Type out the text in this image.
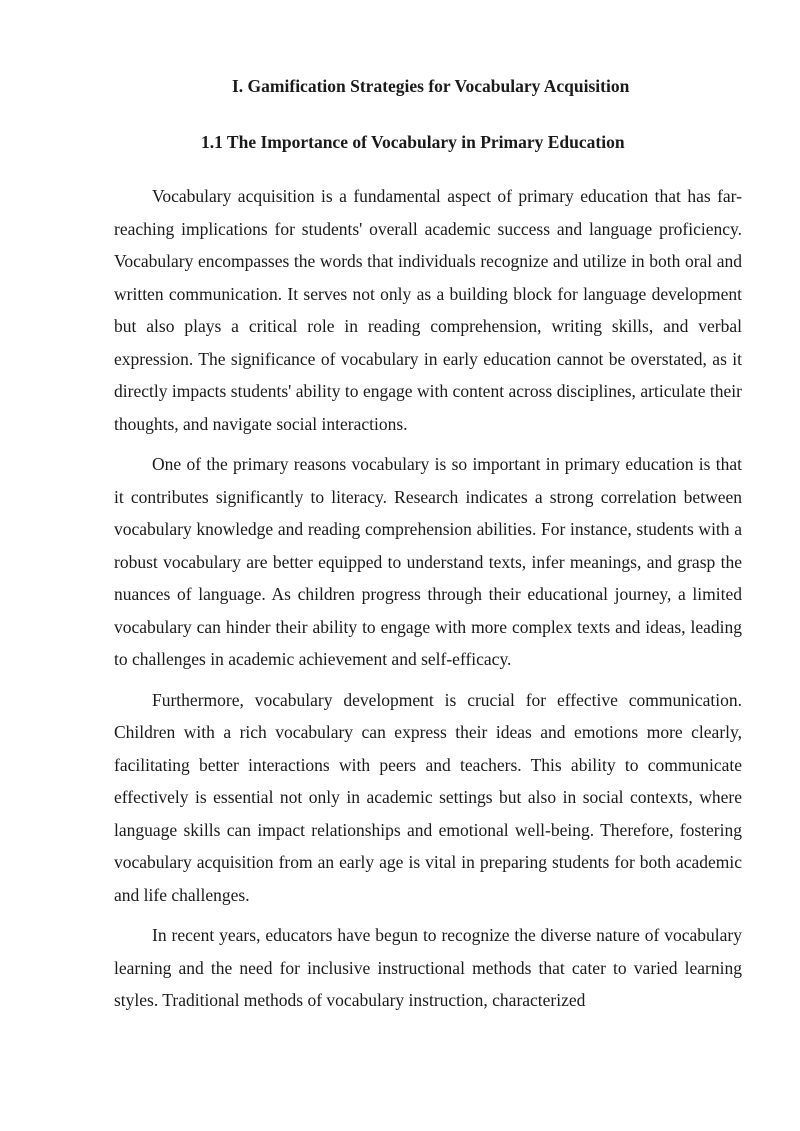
I. Gamification Strategies for Vocabulary Acquisition
1.1 The Importance of Vocabulary in Primary Education

Vocabulary acquisition is a fundamental aspect of primary education that has far-reaching implications for students' overall academic success and language proficiency. Vocabulary encompasses the words that individuals recognize and utilize in both oral and written communication. It serves not only as a building block for language development but also plays a critical role in reading comprehension, writing skills, and verbal expression. The significance of vocabulary in early education cannot be overstated, as it directly impacts students' ability to engage with content across disciplines, articulate their thoughts, and navigate social interactions.

One of the primary reasons vocabulary is so important in primary education is that it contributes significantly to literacy. Research indicates a strong correlation between vocabulary knowledge and reading comprehension abilities. For instance, students with a robust vocabulary are better equipped to understand texts, infer meanings, and grasp the nuances of language. As children progress through their educational journey, a limited vocabulary can hinder their ability to engage with more complex texts and ideas, leading to challenges in academic achievement and self-efficacy.

Furthermore, vocabulary development is crucial for effective communication. Children with a rich vocabulary can express their ideas and emotions more clearly, facilitating better interactions with peers and teachers. This ability to communicate effectively is essential not only in academic settings but also in social contexts, where language skills can impact relationships and emotional well-being. Therefore, fostering vocabulary acquisition from an early age is vital in preparing students for both academic and life challenges.

In recent years, educators have begun to recognize the diverse nature of vocabulary learning and the need for inclusive instructional methods that cater to varied learning styles. Traditional methods of vocabulary instruction, characterized
